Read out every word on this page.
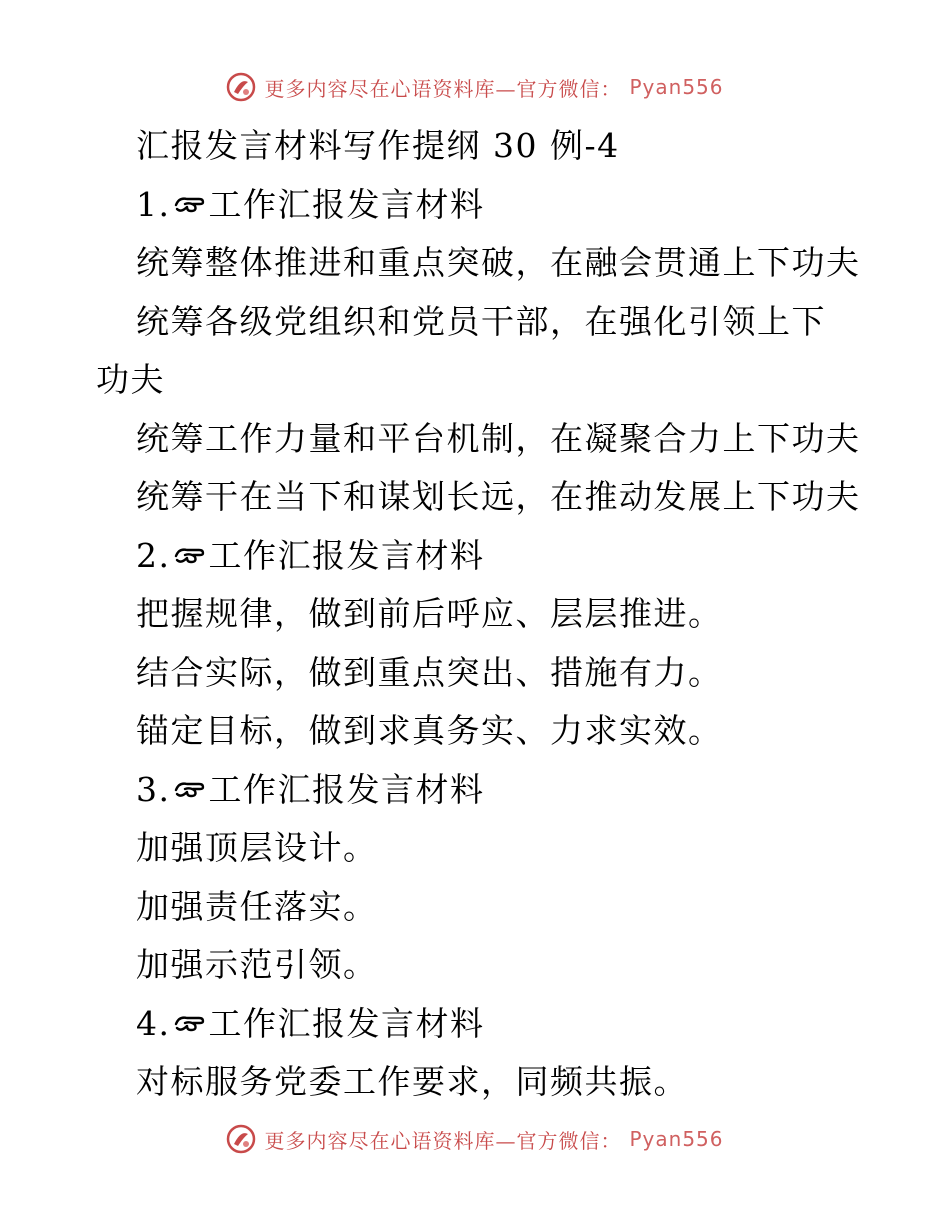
更多内容尽在心语资料库—官方微信： Pyan556
汇报发言材料写作提纲 30 例-4
1. 工作汇报发言材料
统筹整体推进和重点突破，在融会贯通上下功夫
统筹各级党组织和党员干部，在强化引领上下功夫
统筹工作力量和平台机制，在凝聚合力上下功夫
统筹干在当下和谋划长远，在推动发展上下功夫
2. 工作汇报发言材料
把握规律，做到前后呼应、层层推进。
结合实际，做到重点突出、措施有力。
锚定目标，做到求真务实、力求实效。
3. 工作汇报发言材料
加强顶层设计。
加强责任落实。
加强示范引领。
4. 工作汇报发言材料
对标服务党委工作要求，同频共振。
更多内容尽在心语资料库—官方微信： Pyan556
